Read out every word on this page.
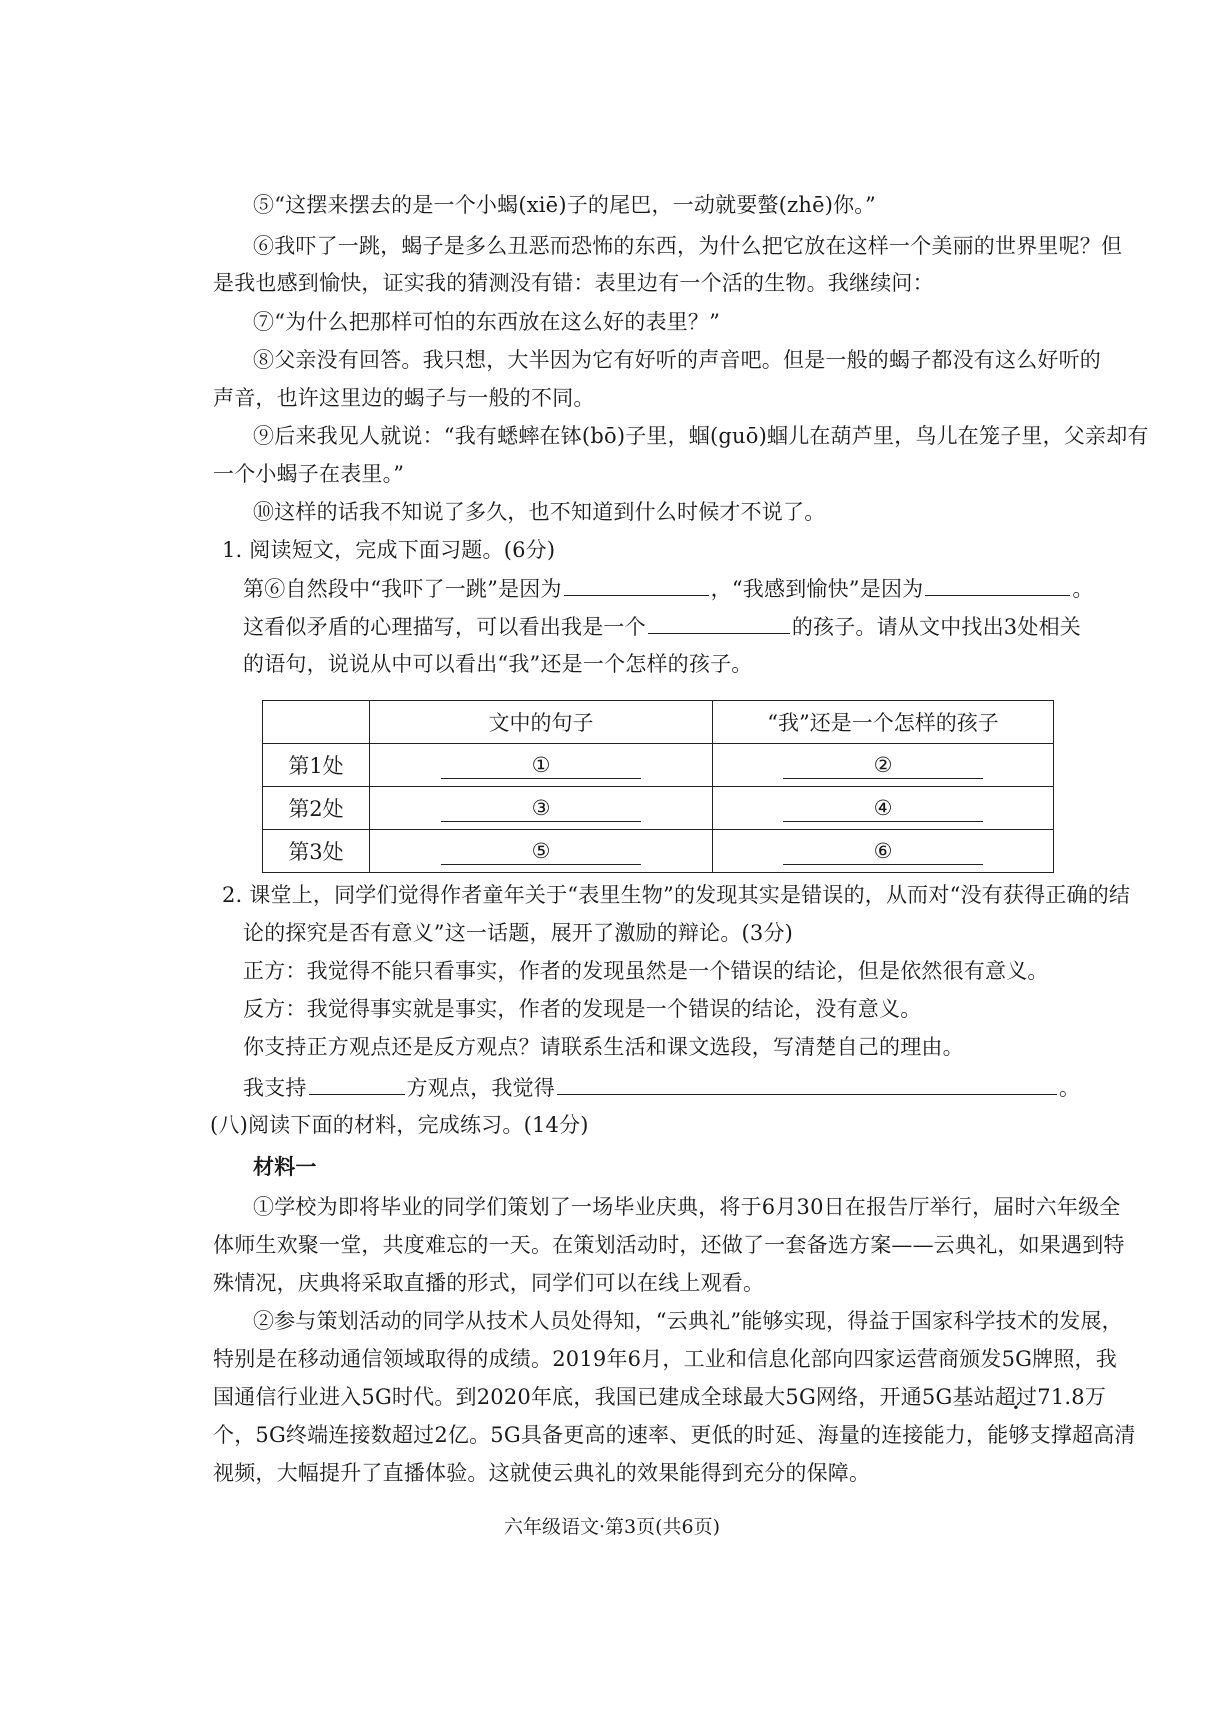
⑤“这摆来摆去的是一个小蝎(xiē)子的尾巴，一动就要螫(zhē)你。”
⑥我吓了一跳，蝎子是多么丑恶而恐怖的东西，为什么把它放在这样一个美丽的世界里呢？但
是我也感到愉快，证实我的猜测没有错：表里边有一个活的生物。我继续问：
⑦“为什么把那样可怕的东西放在这么好的表里？”
⑧父亲没有回答。我只想，大半因为它有好听的声音吧。但是一般的蝎子都没有这么好听的
声音，也许这里边的蝎子与一般的不同。
⑨后来我见人就说：“我有蟋蟀在钵(bō)子里，蝈(guō)蝈儿在葫芦里，鸟儿在笼子里，父亲却有
一个小蝎子在表里。”
⑩这样的话我不知说了多久，也不知道到什么时候才不说了。
1. 阅读短文，完成下面习题。(6分)
第⑥自然段中“我吓了一跳”是因为	，“我感到愉快”是因为	。
这看似矛盾的心理描写，可以看出我是一个	的孩子。请从文中找出3处相关
的语句，说说从中可以看出“我”还是一个怎样的孩子。
	文中的句子	“我”还是一个怎样的孩子
第1处	①	②
第2处	③	④
第3处	⑤	⑥
2. 课堂上，同学们觉得作者童年关于“表里生物”的发现其实是错误的，从而对“没有获得正确的结
论的探究是否有意义”这一话题，展开了激励的辩论。(3分)
正方：我觉得不能只看事实，作者的发现虽然是一个错误的结论，但是依然很有意义。
反方：我觉得事实就是事实，作者的发现是一个错误的结论，没有意义。
你支持正方观点还是反方观点？请联系生活和课文选段，写清楚自己的理由。
我支持	方观点，我觉得	。
(八)阅读下面的材料，完成练习。(14分)
材料一
①学校为即将毕业的同学们策划了一场毕业庆典，将于6月30日在报告厅举行，届时六年级全
体师生欢聚一堂，共度难忘的一天。在策划活动时，还做了一套备选方案——云典礼，如果遇到特
殊情况，庆典将采取直播的形式，同学们可以在线上观看。
②参与策划活动的同学从技术人员处得知，“云典礼”能够实现，得益于国家科学技术的发展，
特别是在移动通信领域取得的成绩。2019年6月，工业和信息化部向四家运营商颁发5G牌照，我
国通信行业进入5G时代。到2020年底，我国已建成全球最大5G网络，开通5G基站超过71.8万
个，5G终端连接数超过2亿。5G具备更高的速率、更低的时延、海量的连接能力，能够支撑超高清
视频，大幅提升了直播体验。这就使云典礼的效果能得到充分的保障。
六年级语文·第3页(共6页)
